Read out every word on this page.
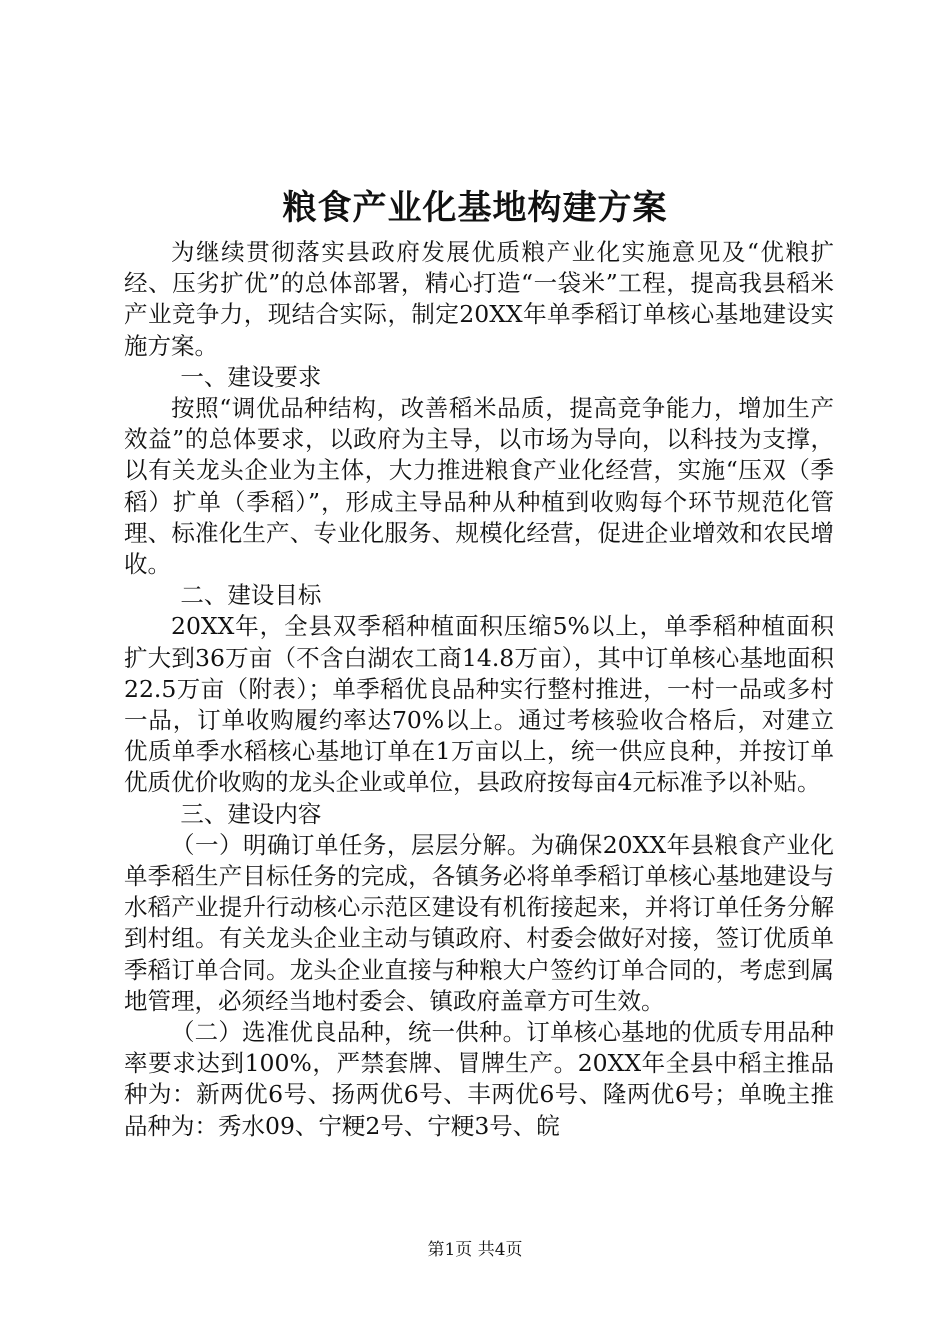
粮食产业化基地构建方案

为继续贯彻落实县政府发展优质粮产业化实施意见及“优粮扩经、压劣扩优”的总体部署，精心打造“一袋米”工程，提高我县稻米产业竞争力，现结合实际，制定20XX年单季稻订单核心基地建设实施方案。

一、建设要求

按照“调优品种结构，改善稻米品质，提高竞争能力，增加生产效益”的总体要求，以政府为主导，以市场为导向，以科技为支撑，以有关龙头企业为主体，大力推进粮食产业化经营，实施“压双（季稻）扩单（季稻）”，形成主导品种从种植到收购每个环节规范化管理、标准化生产、专业化服务、规模化经营，促进企业增效和农民增收。

二、建设目标

20XX年，全县双季稻种植面积压缩5%以上，单季稻种植面积扩大到36万亩（不含白湖农工商14.8万亩），其中订单核心基地面积22.5万亩（附表）；单季稻优良品种实行整村推进，一村一品或多村一品，订单收购履约率达70%以上。通过考核验收合格后，对建立优质单季水稻核心基地订单在1万亩以上，统一供应良种，并按订单优质优价收购的龙头企业或单位，县政府按每亩4元标准予以补贴。

三、建设内容

（一）明确订单任务，层层分解。为确保20XX年县粮食产业化单季稻生产目标任务的完成，各镇务必将单季稻订单核心基地建设与水稻产业提升行动核心示范区建设有机衔接起来，并将订单任务分解到村组。有关龙头企业主动与镇政府、村委会做好对接，签订优质单季稻订单合同。龙头企业直接与种粮大户签约订单合同的，考虑到属地管理，必须经当地村委会、镇政府盖章方可生效。

（二）选准优良品种，统一供种。订单核心基地的优质专用品种率要求达到100%，严禁套牌、冒牌生产。20XX年全县中稻主推品种为：新两优6号、扬两优6号、丰两优6号、隆两优6号；单晚主推品种为：秀水09、宁粳2号、宁粳3号、皖

第1页 共4页
